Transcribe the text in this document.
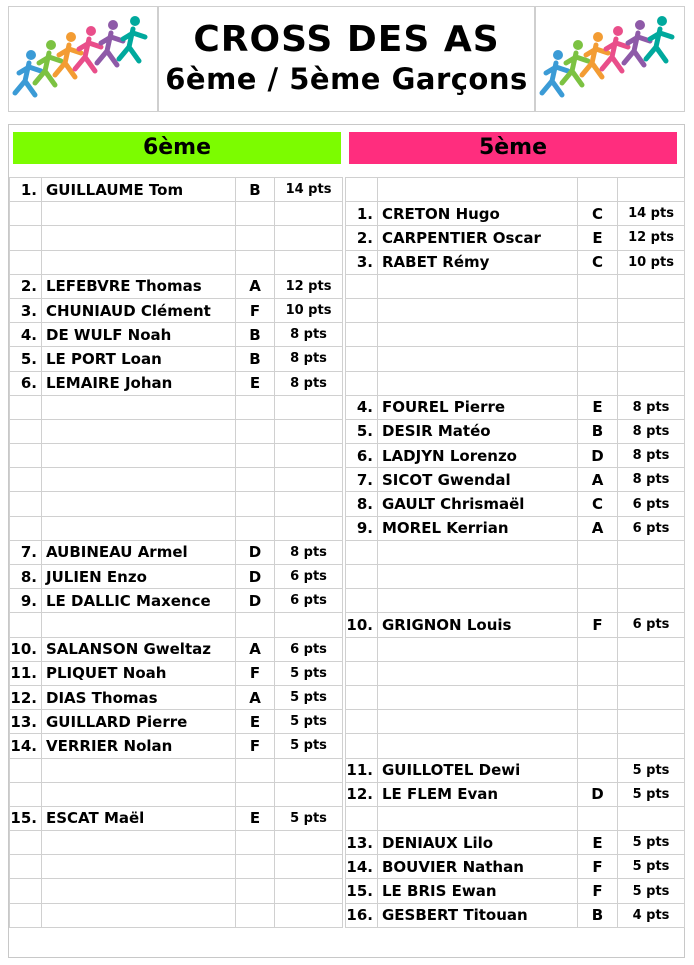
CROSS DES AS
6ème / 5ème Garçons
6ème	5ème
1.	GUILLAUME Tom	B	14 pts

2.	LEFEBVRE Thomas	A	12 pts
3.	CHUNIAUD Clément	F	10 pts
4.	DE WULF Noah	B	8 pts
5.	LE PORT Loan	B	8 pts
6.	LEMAIRE Johan	E	8 pts

7.	AUBINEAU Armel	D	8 pts
8.	JULIEN Enzo	D	6 pts
9.	LE DALLIC Maxence	D	6 pts

10.	SALANSON Gweltaz	A	6 pts
11.	PLIQUET Noah	F	5 pts
12.	DIAS Thomas	A	5 pts
13.	GUILLARD Pierre	E	5 pts
14.	VERRIER Nolan	F	5 pts

15.	ESCAT Maël	E	5 pts

1.	CRETON Hugo	C	14 pts
2.	CARPENTIER Oscar	E	12 pts
3.	RABET Rémy	C	10 pts

4.	FOUREL Pierre	E	8 pts
5.	DESIR Matéo	B	8 pts
6.	LADJYN Lorenzo	D	8 pts
7.	SICOT Gwendal	A	8 pts
8.	GAULT Chrismaël	C	6 pts
9.	MOREL Kerrian	A	6 pts

10.	GRIGNON Louis	F	6 pts

11.	GUILLOTEL Dewi		5 pts
12.	LE FLEM Evan	D	5 pts

13.	DENIAUX Lilo	E	5 pts
14.	BOUVIER Nathan	F	5 pts
15.	LE BRIS Ewan	F	5 pts
16.	GESBERT Titouan	B	4 pts
